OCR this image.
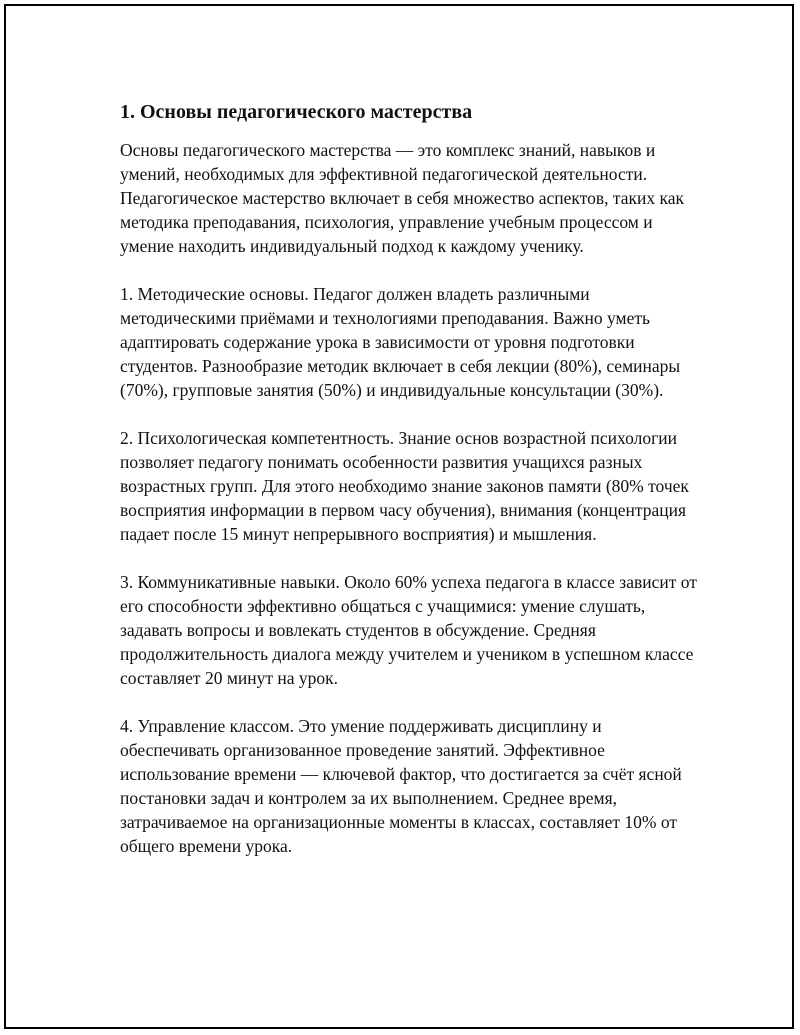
1. Основы педагогического мастерства

Основы педагогического мастерства — это комплекс знаний, навыков и умений, необходимых для эффективной педагогической деятельности. Педагогическое мастерство включает в себя множество аспектов, таких как методика преподавания, психология, управление учебным процессом и умение находить индивидуальный подход к каждому ученику.

1. Методические основы. Педагог должен владеть различными методическими приёмами и технологиями преподавания. Важно уметь адаптировать содержание урока в зависимости от уровня подготовки студентов. Разнообразие методик включает в себя лекции (80%), семинары (70%), групповые занятия (50%) и индивидуальные консультации (30%).

2. Психологическая компетентность. Знание основ возрастной психологии позволяет педагогу понимать особенности развития учащихся разных возрастных групп. Для этого необходимо знание законов памяти (80% точек восприятия информации в первом часу обучения), внимания (концентрация падает после 15 минут непрерывного восприятия) и мышления.

3. Коммуникативные навыки. Около 60% успеха педагога в классе зависит от его способности эффективно общаться с учащимися: умение слушать, задавать вопросы и вовлекать студентов в обсуждение. Средняя продолжительность диалога между учителем и учеником в успешном классе составляет 20 минут на урок.

4. Управление классом. Это умение поддерживать дисциплину и обеспечивать организованное проведение занятий. Эффективное использование времени — ключевой фактор, что достигается за счёт ясной постановки задач и контролем за их выполнением. Среднее время, затрачиваемое на организационные моменты в классах, составляет 10% от общего времени урока.
